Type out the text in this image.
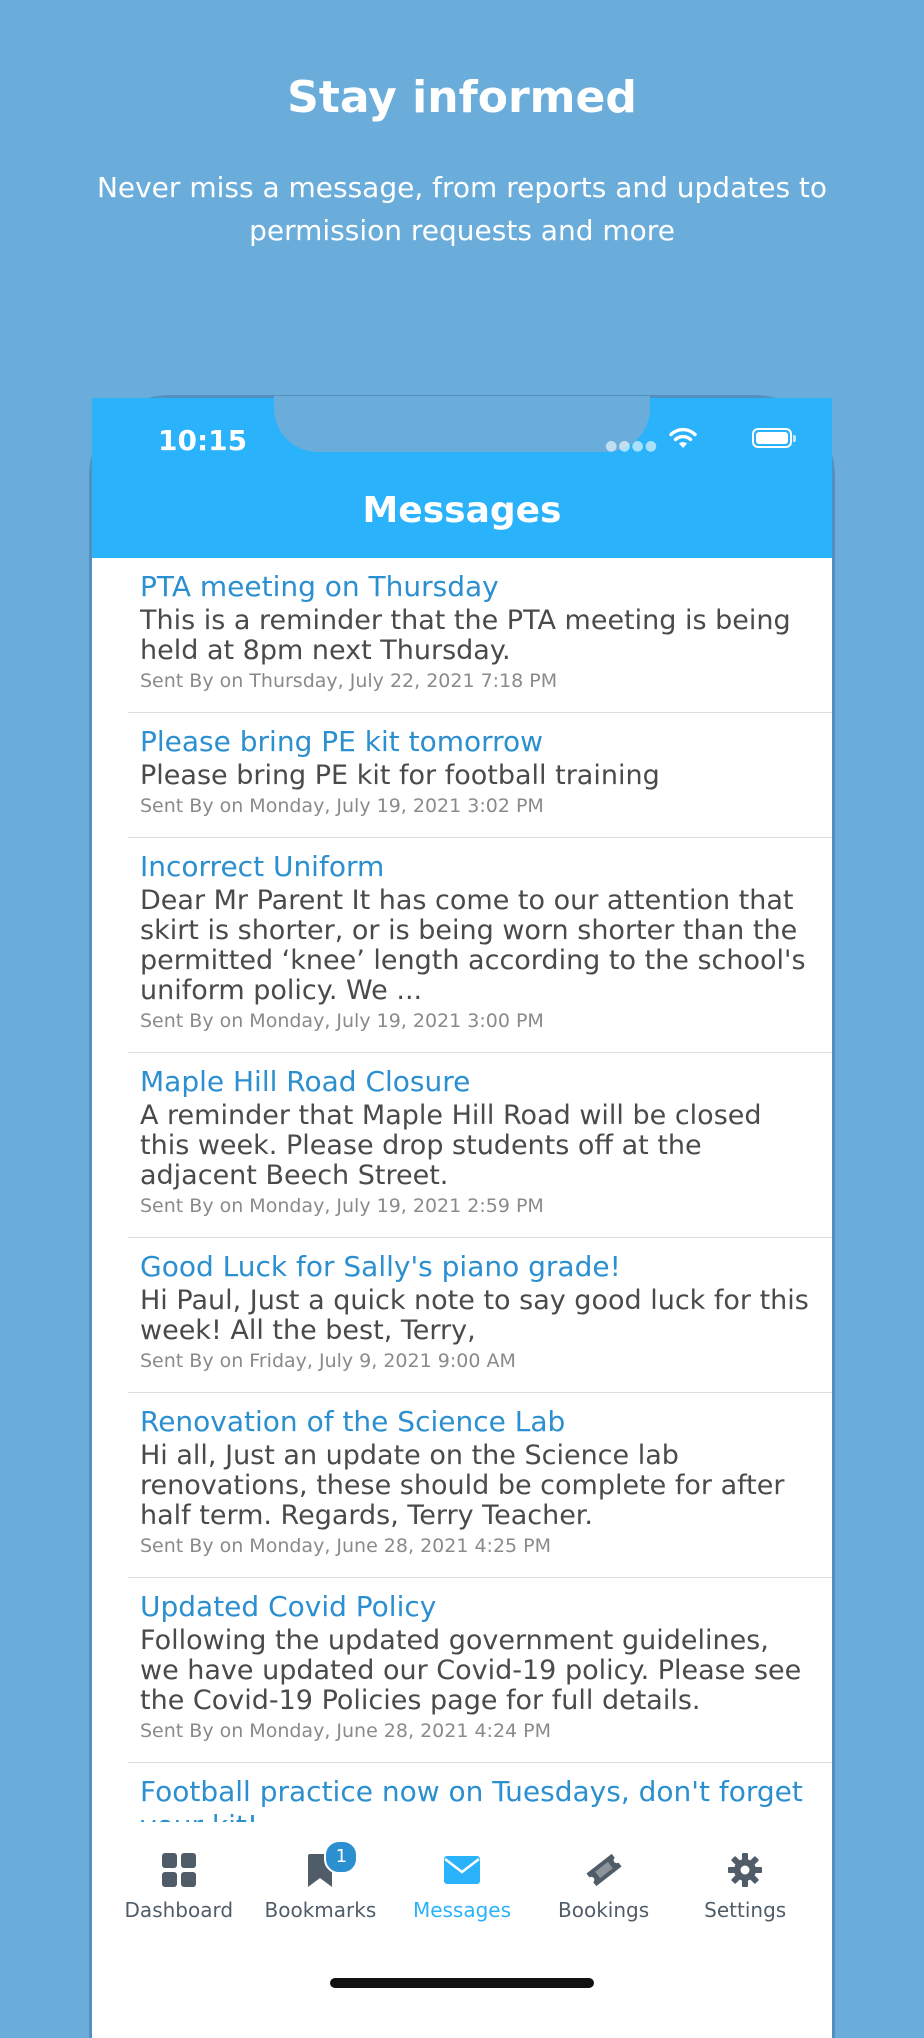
Stay informed
Never miss a message, from reports and updates to permission requests and more
10:15	●●●●
Messages
PTA meeting on Thursday
This is a reminder that the PTA meeting is being held at 8pm next Thursday.
Sent By on Thursday, July 22, 2021 7:18 PM
Please bring PE kit tomorrow
Please bring PE kit for football training
Sent By on Monday, July 19, 2021 3:02 PM
Incorrect Uniform
Dear Mr Parent It has come to our attention that skirt is shorter, or is being worn shorter than the permitted ‘knee’ length according to the school's uniform policy. We ...
Sent By on Monday, July 19, 2021 3:00 PM
Maple Hill Road Closure
A reminder that Maple Hill Road will be closed this week. Please drop students off at the adjacent Beech Street.
Sent By on Monday, July 19, 2021 2:59 PM
Good Luck for Sally's piano grade!
Hi Paul, Just a quick note to say good luck for this week! All the best, Terry,
Sent By on Friday, July 9, 2021 9:00 AM
Renovation of the Science Lab
Hi all, Just an update on the Science lab renovations, these should be complete for after half term. Regards, Terry Teacher.
Sent By on Monday, June 28, 2021 4:25 PM
Updated Covid Policy
Following the updated government guidelines, we have updated our Covid-19 policy. Please see the Covid-19 Policies page for full details.
Sent By on Monday, June 28, 2021 4:24 PM
Football practice now on Tuesdays, don't forget
Dashboard
1
Bookmarks	Messages	Bookings	Settings
